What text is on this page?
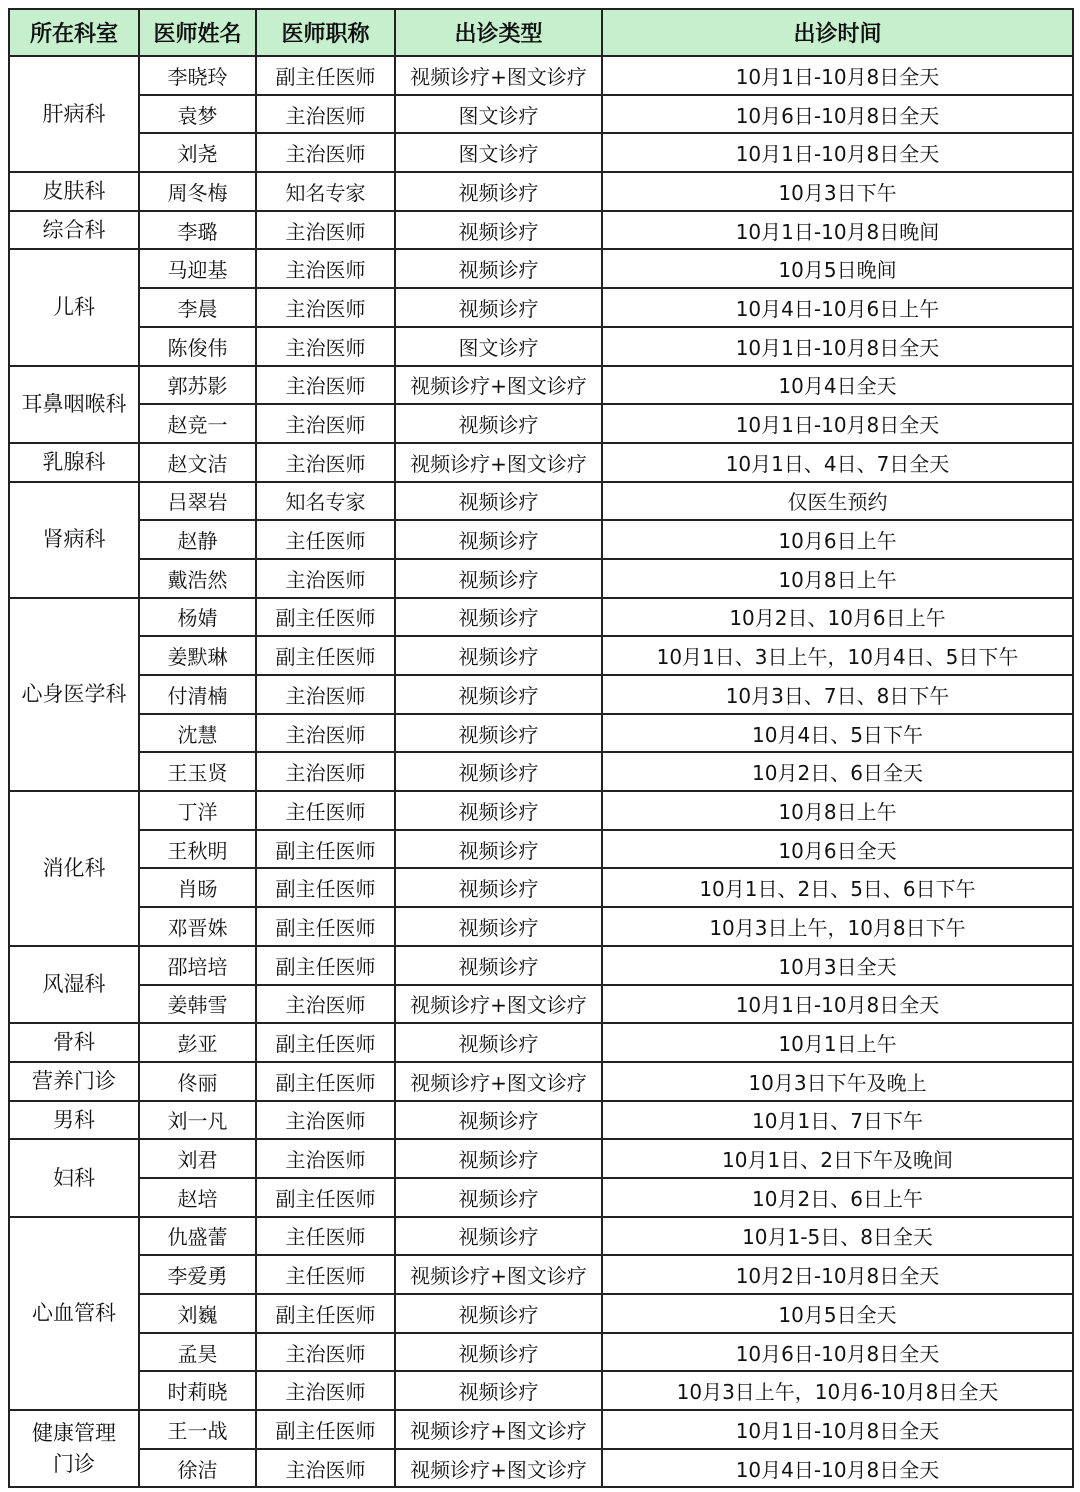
所在科室	医师姓名	医师职称	出诊类型	出诊时间
肝病科	李晓玲	副主任医师	视频诊疗+图文诊疗	10月1日-10月8日全天
	袁梦	主治医师	图文诊疗	10月6日-10月8日全天
	刘尧	主治医师	图文诊疗	10月1日-10月8日全天
皮肤科	周冬梅	知名专家	视频诊疗	10月3日下午
综合科	李璐	主治医师	视频诊疗	10月1日-10月8日晚间
儿科	马迎基	主治医师	视频诊疗	10月5日晚间
	李晨	主治医师	视频诊疗	10月4日-10月6日上午
	陈俊伟	主治医师	图文诊疗	10月1日-10月8日全天
耳鼻咽喉科	郭苏影	主治医师	视频诊疗+图文诊疗	10月4日全天
	赵竞一	主治医师	视频诊疗	10月1日-10月8日全天
乳腺科	赵文洁	主治医师	视频诊疗+图文诊疗	10月1日、4日、7日全天
肾病科	吕翠岩	知名专家	视频诊疗	仅医生预约
	赵静	主任医师	视频诊疗	10月6日上午
	戴浩然	主治医师	视频诊疗	10月8日上午
心身医学科	杨婧	副主任医师	视频诊疗	10月2日、10月6日上午
	姜默琳	副主任医师	视频诊疗	10月1日、3日上午，10月4日、5日下午
	付清楠	主治医师	视频诊疗	10月3日、7日、8日下午
	沈慧	主治医师	视频诊疗	10月4日、5日下午
	王玉贤	主治医师	视频诊疗	10月2日、6日全天
消化科	丁洋	主任医师	视频诊疗	10月8日上午
	王秋明	副主任医师	视频诊疗	10月6日全天
	肖旸	副主任医师	视频诊疗	10月1日、2日、5日、6日下午
	邓晋姝	副主任医师	视频诊疗	10月3日上午，10月8日下午
风湿科	邵培培	副主任医师	视频诊疗	10月3日全天
	姜韩雪	主治医师	视频诊疗+图文诊疗	10月1日-10月8日全天
骨科	彭亚	副主任医师	视频诊疗	10月1日上午
营养门诊	佟丽	副主任医师	视频诊疗+图文诊疗	10月3日下午及晚上
男科	刘一凡	主治医师	视频诊疗	10月1日、7日下午
妇科	刘君	主治医师	视频诊疗	10月1日、2日下午及晚间
	赵培	副主任医师	视频诊疗	10月2日、6日上午
心血管科	仇盛蕾	主任医师	视频诊疗	10月1-5日、8日全天
	李爱勇	主任医师	视频诊疗+图文诊疗	10月2日-10月8日全天
	刘巍	副主任医师	视频诊疗	10月5日全天
	孟昊	主治医师	视频诊疗	10月6日-10月8日全天
	时莉晓	主治医师	视频诊疗	10月3日上午，10月6-10月8日全天
健康管理门诊	王一战	副主任医师	视频诊疗+图文诊疗	10月1日-10月8日全天
	徐洁	主治医师	视频诊疗+图文诊疗	10月4日-10月8日全天
